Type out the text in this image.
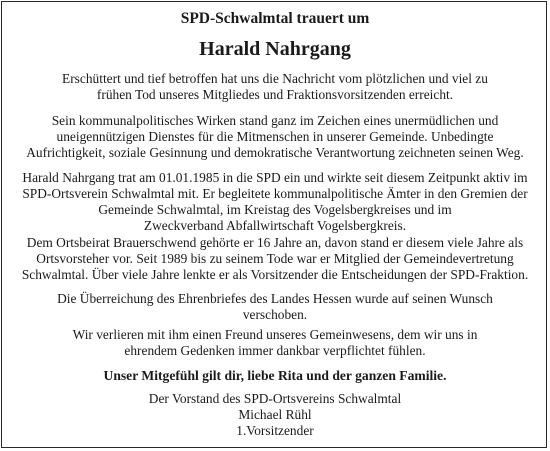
SPD-Schwalmtal trauert um
Harald Nahrgang
Erschüttert und tief betroffen hat uns die Nachricht vom plötzlichen und viel zu
frühen Tod unseres Mitgliedes und Fraktionsvorsitzenden erreicht.
Sein kommunalpolitisches Wirken stand ganz im Zeichen eines unermüdlichen und
uneigennützigen Dienstes für die Mitmenschen in unserer Gemeinde. Unbedingte
Aufrichtigkeit, soziale Gesinnung und demokratische Verantwortung zeichneten seinen Weg.
Harald Nahrgang trat am 01.01.1985 in die SPD ein und wirkte seit diesem Zeitpunkt aktiv im
SPD-Ortsverein Schwalmtal mit. Er begleitete kommunalpolitische Ämter in den Gremien der
Gemeinde Schwalmtal, im Kreistag des Vogelsbergkreises und im
Zweckverband Abfallwirtschaft Vogelsbergkreis.
Dem Ortsbeirat Brauerschwend gehörte er 16 Jahre an, davon stand er diesem viele Jahre als
Ortsvorsteher vor. Seit 1989 bis zu seinem Tode war er Mitglied der Gemeindevertretung
Schwalmtal. Über viele Jahre lenkte er als Vorsitzender die Entscheidungen der SPD-Fraktion.
Die Überreichung des Ehrenbriefes des Landes Hessen wurde auf seinen Wunsch
verschoben.
Wir verlieren mit ihm einen Freund unseres Gemeinwesens, dem wir uns in
ehrendem Gedenken immer dankbar verpflichtet fühlen.
Unser Mitgefühl gilt dir, liebe Rita und der ganzen Familie.
Der Vorstand des SPD-Ortsvereins Schwalmtal
Michael Rühl
1.Vorsitzender
